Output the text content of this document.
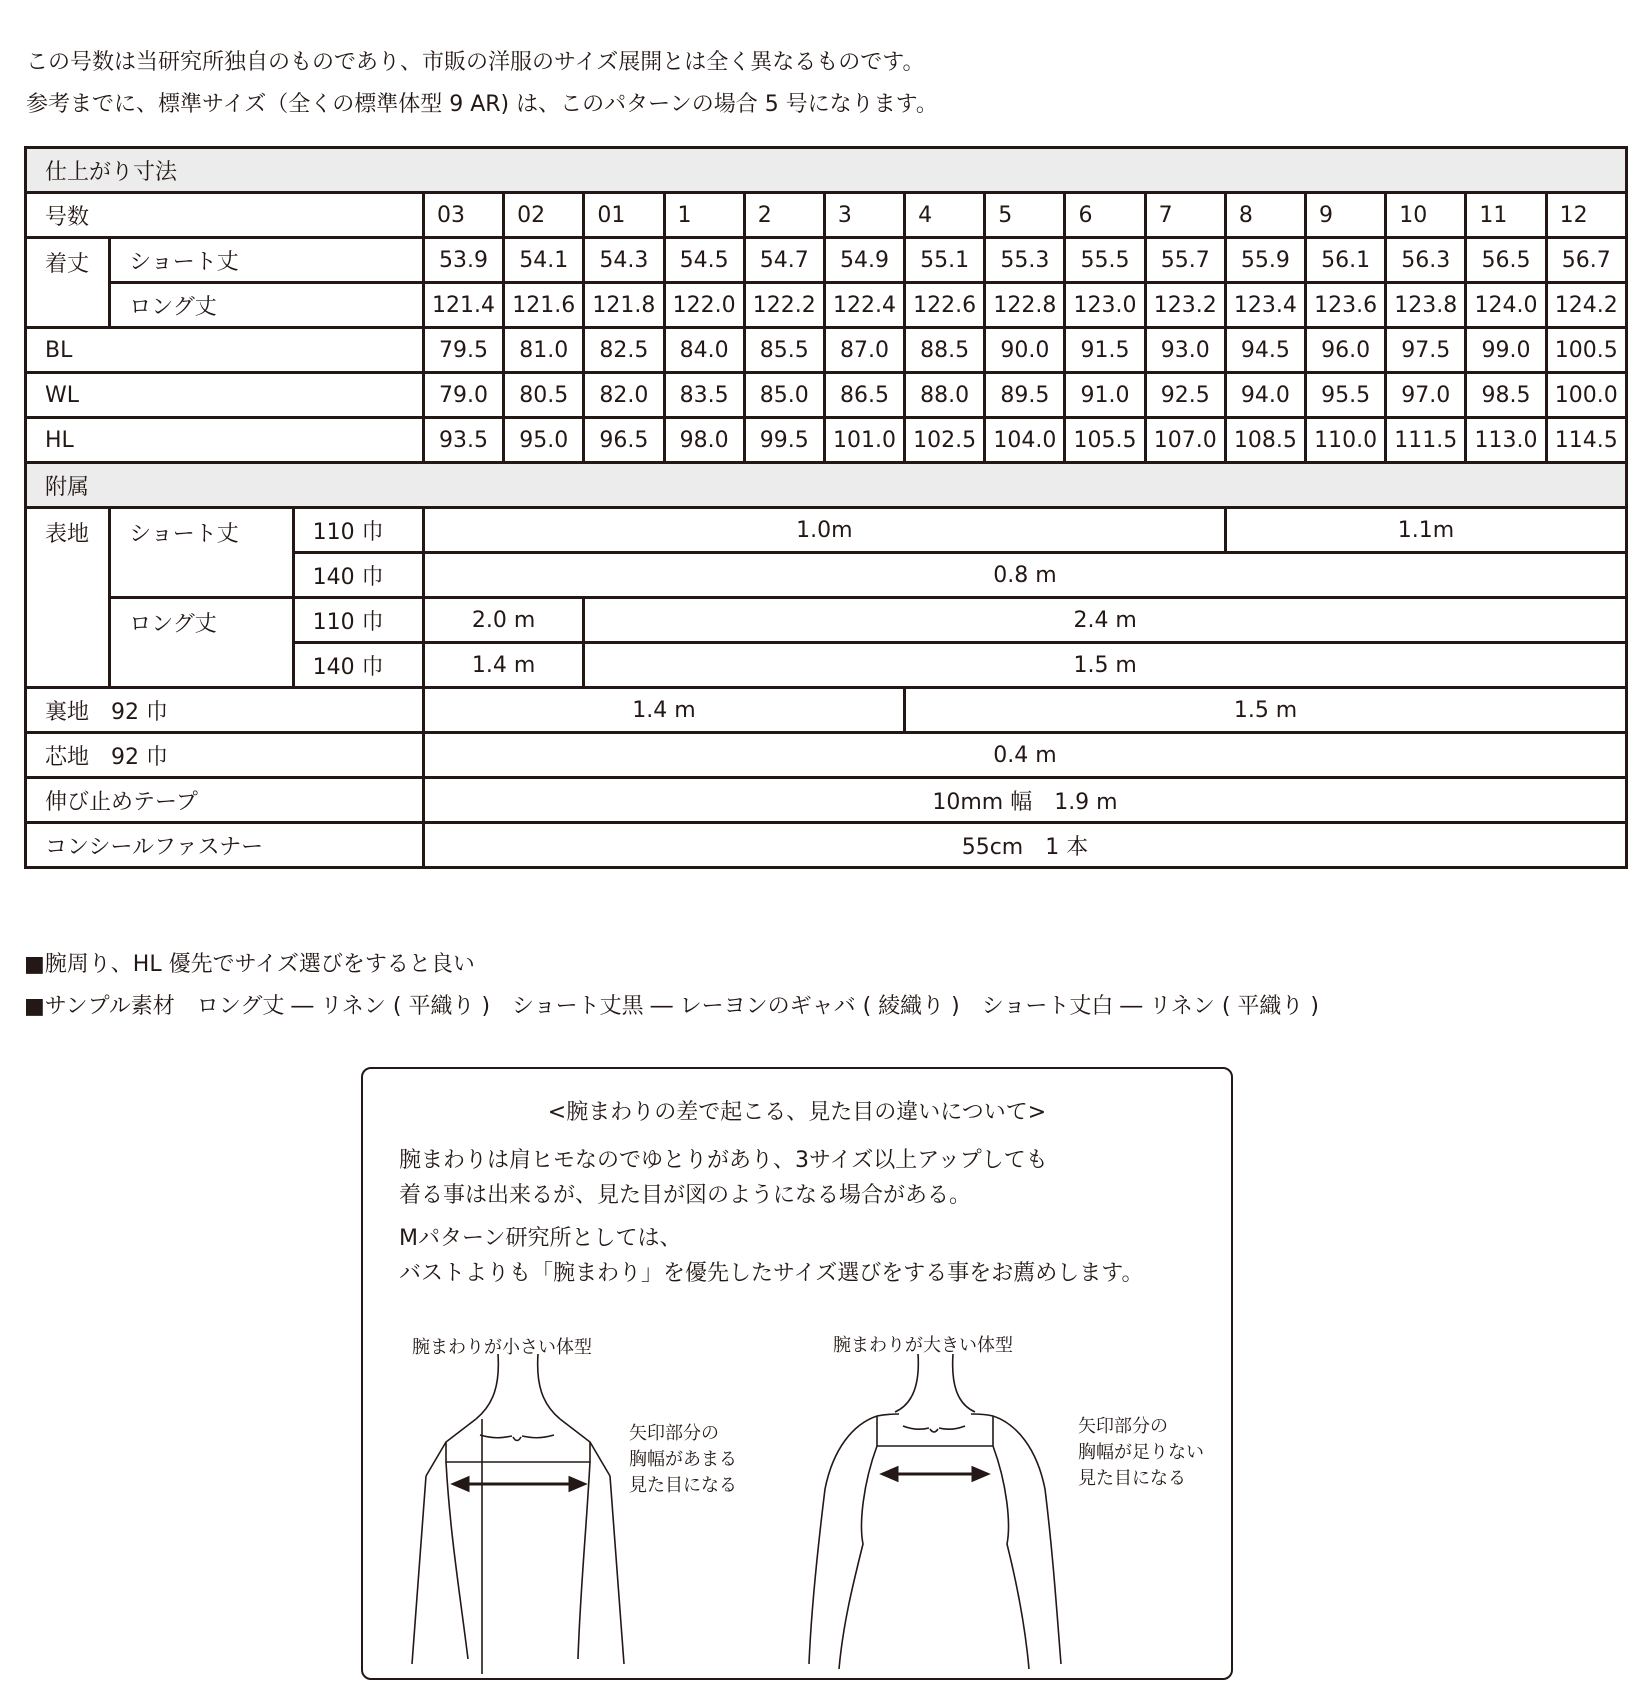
この号数は当研究所独自のものであり、市販の洋服のサイズ展開とは全く異なるものです。

参考までに、標準サイズ（全くの標準体型 9 AR) は、このパターンの場合 5 号になります。

仕上がり寸法																	
号数			03	02	01	1	2	3	4	5	6	7	8	9	10	11	12
着丈	ショート丈		53.9	54.1	54.3	54.5	54.7	54.9	55.1	55.3	55.5	55.7	55.9	56.1	56.3	56.5	56.7
	ロング丈		121.4	121.6	121.8	122.0	122.2	122.4	122.6	122.8	123.0	123.2	123.4	123.6	123.8	124.0	124.2
BL			79.5	81.0	82.5	84.0	85.5	87.0	88.5	90.0	91.5	93.0	94.5	96.0	97.5	99.0	100.5
WL			79.0	80.5	82.0	83.5	85.0	86.5	88.0	89.5	91.0	92.5	94.0	95.5	97.0	98.5	100.0
HL			93.5	95.0	96.5	98.0	99.5	101.0	102.5	104.0	105.5	107.0	108.5	110.0	111.5	113.0	114.5
附属																	
表地	ショート丈	110 巾	1.0m										1.1m				
		140 巾	0.8 m														
	ロング丈	110 巾	2.0 m		2.4 m												
		140 巾	1.4 m		1.5 m												
裏地　92 巾			1.4 m						1.5 m								
芯地　92 巾			0.4 m														
伸び止めテープ			10mm 幅　1.9 m														
コンシールファスナー			55cm　1 本														

■腕周り、HL 優先でサイズ選びをすると良い

■サンプル素材　ロング丈 ― リネン ( 平織り )　ショート丈黒 ― レーヨンのギャバ ( 綾織り )　ショート丈白 ― リネン ( 平織り )

<腕まわりの差で起こる、見た目の違いについて>

腕まわりは肩ヒモなのでゆとりがあり、3サイズ以上アップしても

着る事は出来るが、見た目が図のようになる場合がある。

Mパターン研究所としては、

バストよりも「腕まわり」を優先したサイズ選びをする事をお薦めします。

腕まわりが小さい体型	腕まわりが大きい体型

矢印部分の

胸幅があまる

見た目になる

矢印部分の

胸幅が足りない

見た目になる
